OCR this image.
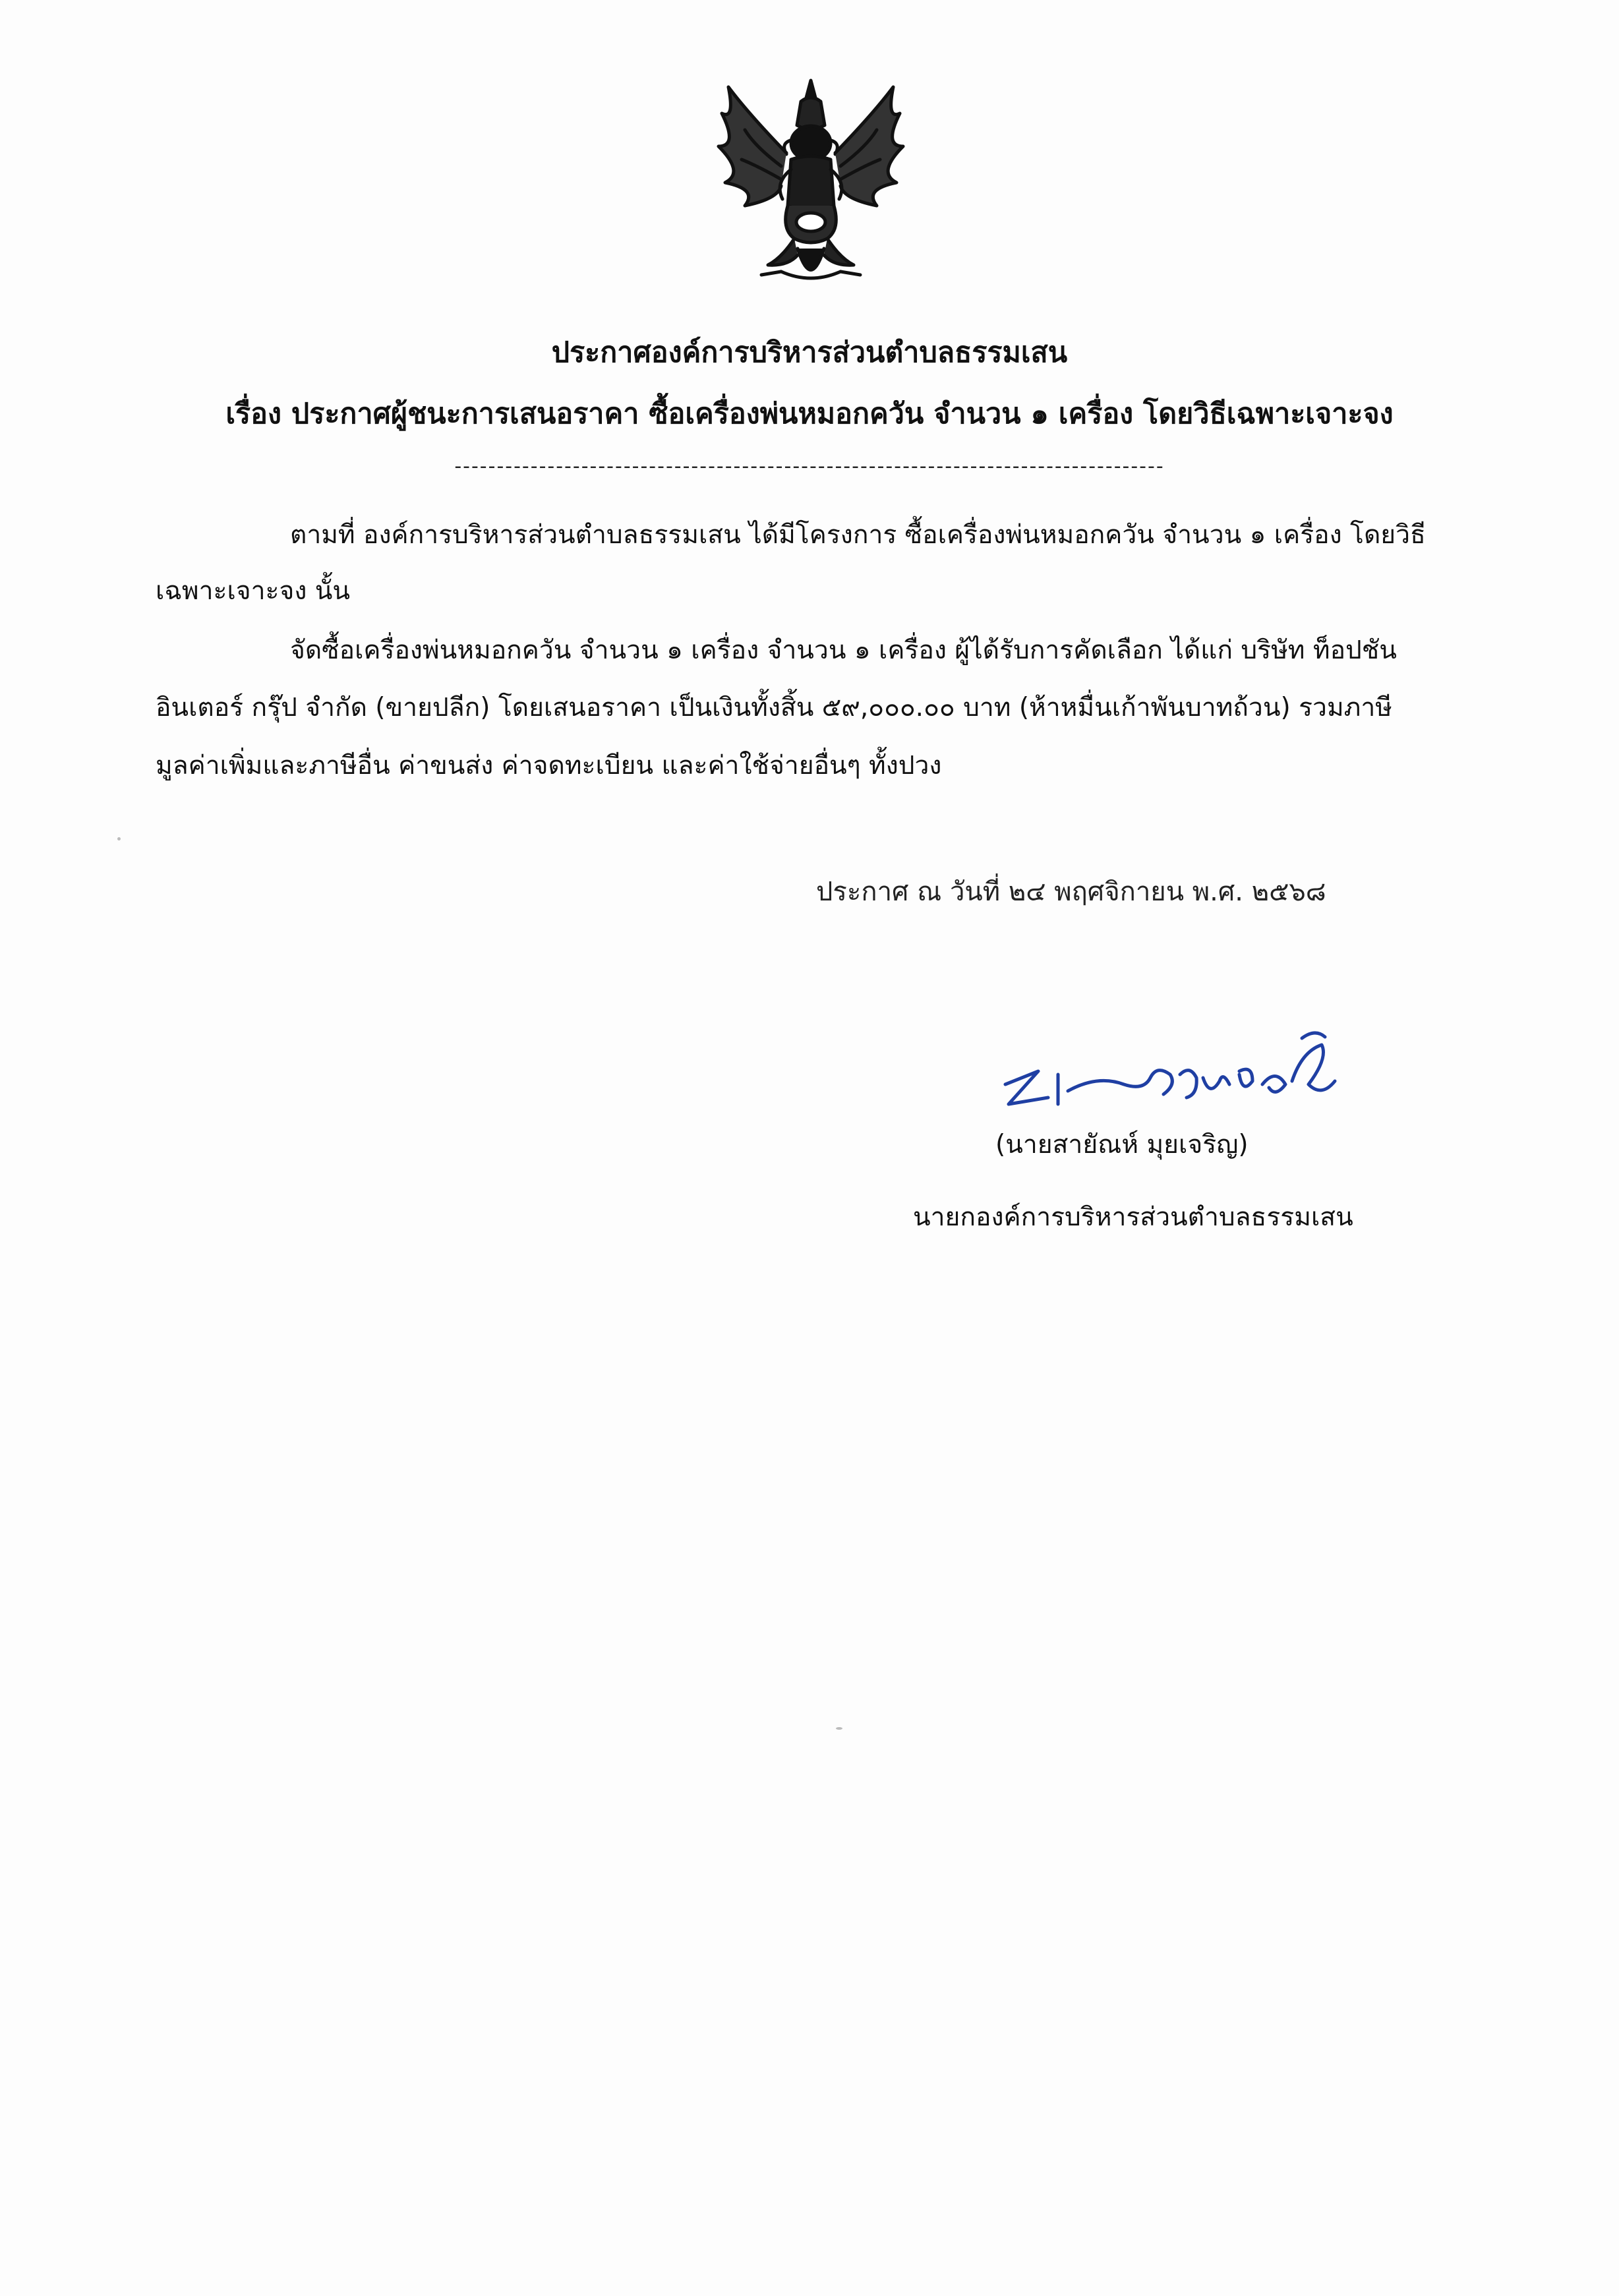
ประกาศองค์การบริหารส่วนตำบลธรรมเสน
เรื่อง ประกาศผู้ชนะการเสนอราคา ซื้อเครื่องพ่นหมอกควัน จำนวน ๑ เครื่อง โดยวิธีเฉพาะเจาะจง
------------------------------------------------------------------------------------
ตามที่ องค์การบริหารส่วนตำบลธรรมเสน ได้มีโครงการ ซื้อเครื่องพ่นหมอกควัน จำนวน ๑ เครื่อง โดยวิธี
เฉพาะเจาะจง นั้น
จัดซื้อเครื่องพ่นหมอกควัน จำนวน ๑ เครื่อง จำนวน ๑ เครื่อง ผู้ได้รับการคัดเลือก ได้แก่ บริษัท ท็อปชัน
อินเตอร์ กรุ๊ป จำกัด (ขายปลีก) โดยเสนอราคา เป็นเงินทั้งสิ้น ๕๙,๐๐๐.๐๐ บาท (ห้าหมื่นเก้าพันบาทถ้วน) รวมภาษี
มูลค่าเพิ่มและภาษีอื่น ค่าขนส่ง ค่าจดทะเบียน และค่าใช้จ่ายอื่นๆ ทั้งปวง
ประกาศ ณ วันที่ ๒๔ พฤศจิกายน พ.ศ. ๒๕๖๘
(นายสายัณห์ มุยเจริญ)
นายกองค์การบริหารส่วนตำบลธรรมเสน
